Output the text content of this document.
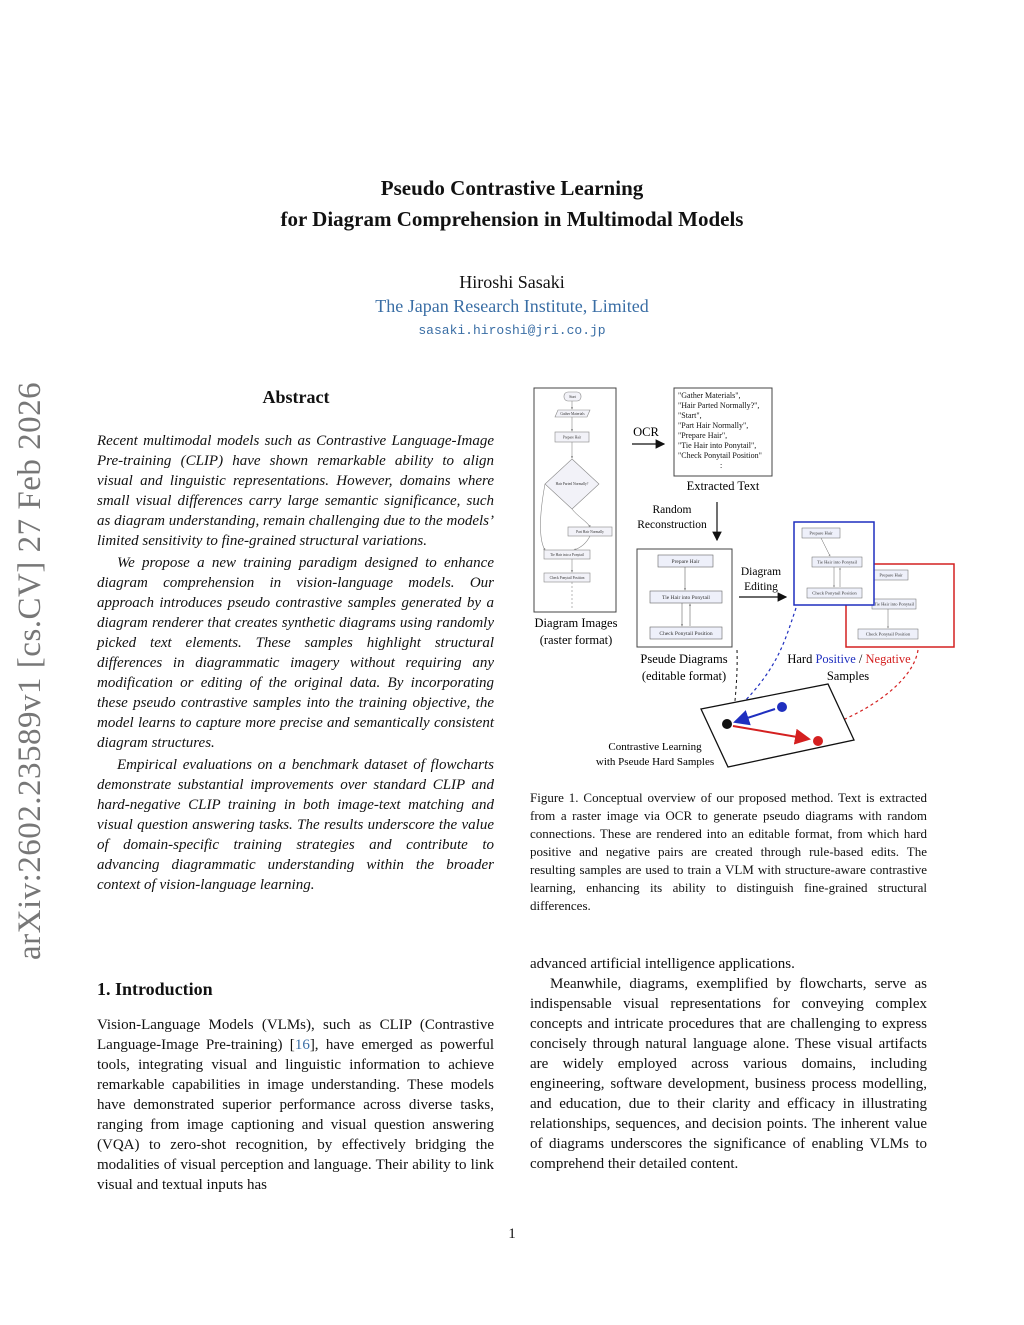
Pseudo Contrastive Learning
for Diagram Comprehension in Multimodal Models
Hiroshi Sasaki
The Japan Research Institute, Limited
sasaki.hiroshi@jri.co.jp
arXiv:2602.23589v1 [cs.CV] 27 Feb 2026	Abstract

Recent multimodal models such as Contrastive Language-Image Pre-training (CLIP) have shown remarkable ability to align visual and linguistic representations. However, domains where small visual differences carry large semantic significance, such as diagram understanding, remain challenging due to the models’ limited sensitivity to fine-grained structural variations.

We propose a new training paradigm designed to enhance diagram comprehension in vision-language models. Our approach introduces pseudo contrastive samples generated by a diagram renderer that creates synthetic diagrams using randomly picked text elements. These samples highlight structural differences in diagrammatic imagery without requiring any modification or editing of the original data. By incorporating these pseudo contrastive samples into the training objective, the model learns to capture more precise and semantically consistent diagram structures.

Empirical evaluations on a benchmark dataset of flowcharts demonstrate substantial improvements over standard CLIP and hard-negative CLIP training in both image-text matching and visual question answering tasks. The results underscore the value of domain-specific training strategies and contribute to advancing diagrammatic understanding within the broader context of vision-language learning.

1. Introduction

Vision-Language Models (VLMs), such as CLIP (Contrastive Language-Image Pre-training) [16], have emerged as powerful tools, integrating visual and linguistic information to achieve remarkable capabilities in image understanding. These models have demonstrated superior performance across diverse tasks, ranging from image captioning and visual question answering (VQA) to zero-shot recognition, by effectively bridging the modalities of visual perception and language. Their ability to link visual and textual inputs has

advanced artificial intelligence applications.

Meanwhile, diagrams, exemplified by flowcharts, serve as indispensable visual representations for conveying complex concepts and intricate procedures that are challenging to express concisely through natural language alone. These visual artifacts are widely employed across various domains, including engineering, software development, business process modelling, and education, due to their clarity and efficacy in illustrating relationships, sequences, and decision points. The inherent value of diagrams underscores the significance of enabling VLMs to comprehend their detailed content.

Start
Gather Materials
Prepare Hair
Hair Parted Normally?
Part Hair Normally
Tie Hair into a Ponytail
Check Ponytail Position
Diagram Images
(raster format)
OCR
"Gather Materials",
"Hair Parted Normally?",
"Start",
"Part Hair Normally",
"Prepare Hair",
"Tie Hair into Ponytail",
"Check Ponytail Position"
:
Extracted Text
Random
Reconstruction
Prepare Hair
Tie Hair into Ponytail
Check Ponytail Position
Pseude Diagrams
(editable format)
Diagram
Editing
Prepare Hair
Tie Hair into Ponytail
Check Ponytail Position
Prepare Hair
Tie Hair into Ponytail
Check Ponytail Position
Hard Positive / Negative
Samples
Contrastive Learning
with Pseude Hard Samples

Figure 1. Conceptual overview of our proposed method. Text is extracted from a raster image via OCR to generate pseudo diagrams with random connections. These are rendered into an editable format, from which hard positive and negative pairs are created through rule-based edits. The resulting samples are used to train a VLM with structure-aware contrastive learning, enhancing its ability to distinguish fine-grained structural differences.

1
